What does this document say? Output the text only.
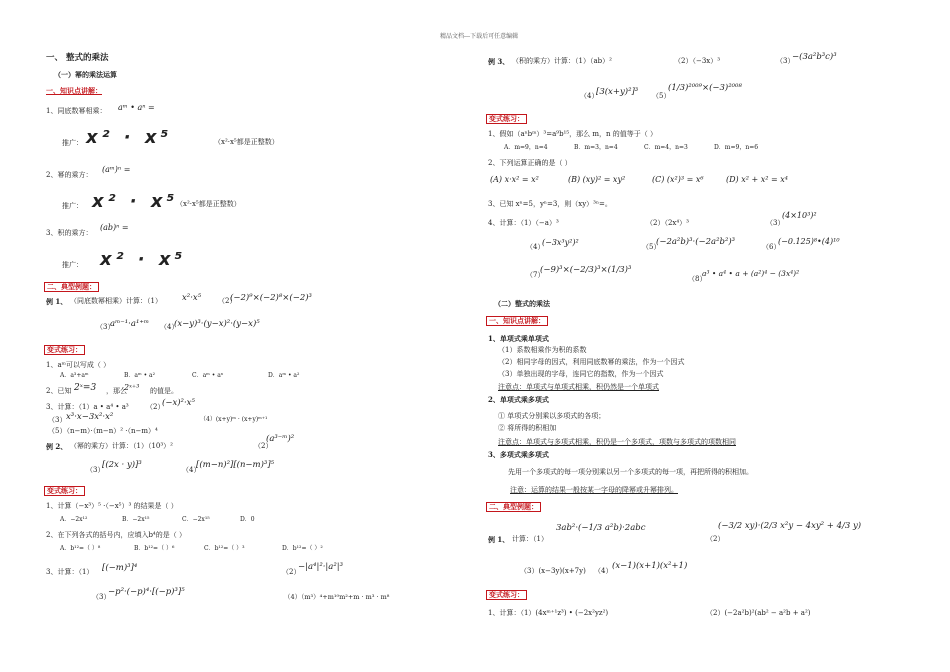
精品文档---下载后可任意编辑
一、 整式的乘法
（一）幂的乘法运算
一、知识点讲解：
1、同底数幂相乘： aᵐ • aⁿ =
推广： x² · x⁵	（x²·x⁵都是正整数）
2、幂的乘方：
(aᵐ)ⁿ =
推广： x² · x⁵
（x²·x⁵都是正整数）
3、积的乘方：
(ab)ⁿ =
推广： x² · x⁵
二、典型例题：
例 1、 （同底数幂相乘）计算：（1） x²·x⁵ （2）
(−2)⁹×(−2)⁸×(−2)³
（3）
aᵐ⁻¹·a¹⁺ᵐ （4）
(x−y)³·(y−x)²·(y−x)⁵
变式练习：
1、aᵐ可以写成（ ）
A．a³+aᵐ	B．aᵐ • a²	C．aᵐ • aⁿ	D．aᵐ • a²
2、已知 2ˣ=3 ，那么
2ˣ⁺³ 的值是。
3、计算：（1）a • a⁴ • a³ （2）
(−x)²·x⁵
（3） x³·x−3x²·x²	（4）(x+y)ᵐ · (x+y)ᵐ⁺¹
（5）（n−m）·（m−n）² ·（n−m）⁴
例 2、 （幂的乘方）计算：（1）（10³）²	（2）
(a³⁻ᵐ)²
（3）
[(2x · y)]³	（4）
[(m−n)²][(n−m)³]⁵
变式练习：
1、计算（−x³）⁵ ·（−x⁵）³ 的结果是（ ）
A．−2x¹²	B．−2x¹⁵	C．−2x¹⁵	D．0
2、在下列各式的括号内，应填入b⁴的是（ ）
A．b¹²=（ ）⁸	B．b¹²=（ ）⁶	C．b¹²=（ ）³	D．b¹²=（ ）²
3、计算：（1） [(−m)³]⁴	（2）
−|a⁴|²·|a²|³
（3）
−p²·(−p)⁴·[(−p)³]⁵	（4）（m³）⁴+m¹⁰m²+m · m³ · m⁸
例 3、 （积的乘方）计算：（1）（ab）²	（2）（−3x）³	（3）
−(3a²b³c)³
（4）
[3(x+y)²]³ （5）
(1/3)²⁰⁰⁹×(−3)²⁰⁰⁸
变式练习：
1、假如（aⁿbᵐ）³=a⁹b¹⁵，那么 m，n 的值等于（ ）
A．m=9，n=4	B．m=3，n=4	C．m=4，n=3	D．m=9，n=6
2、下列运算正确的是（ ）
(A) x·x² = x²	(B) (xy)² = xy²	(C) (x²)³ = x⁶	(D) x² + x² = x⁴
3、已知 xⁿ=5，yⁿ=3，则（xy）³ⁿ=。
4、计算：（1）（−a）³	（2）（2x⁴）³	（3）
(4×10³)²
（4）
(−3x³y²)²	（5）
(−2a²b)³·(−2a²b²)³	（6）
(−0.125)⁸•(4)¹⁰
（7）
(−9)³×(−2/3)³×(1/3)³
（8）
a³ • a⁴ • a + (a²)⁴ − (3x⁴)²
（二）整式的乘法
一、知识点讲解：
1、单项式乘单项式
（1）系数相乘作为积的系数
（2）相同字母的因式，利用同底数幂的乘法，作为一个因式
（3）单独出现的字母，连同它的指数，作为一个因式
注意点：单项式与单项式相乘，积仍然是一个单项式
2、单项式乘多项式
① 单项式分别乘以多项式的各项；
② 将所得的积相加
注意点：单项式与多项式相乘，积仍是一个多项式，项数与多项式的项数相同
3、多项式乘多项式
先用一个多项式的每一项分别乘以另一个多项式的每一项，再把所得的积相加。
注意：运算的结果一般按某一字母的降幂或升幂排列。
二、典型例题：
例 1、 计算：（1）
3ab²·(−1/3 a²b)·2abc
（2）
(−3/2 xy)·(2/3 x²y − 4xy² + 4/3 y)
（3）(x−3y)(x+7y) （4） (x−1)(x+1)(x²+1)
变式练习：
1、计算：（1）(4xᵐ⁺¹z³) • (−2x²yz²)	（2）(−2a²b)²(ab² − a²b + a²)
